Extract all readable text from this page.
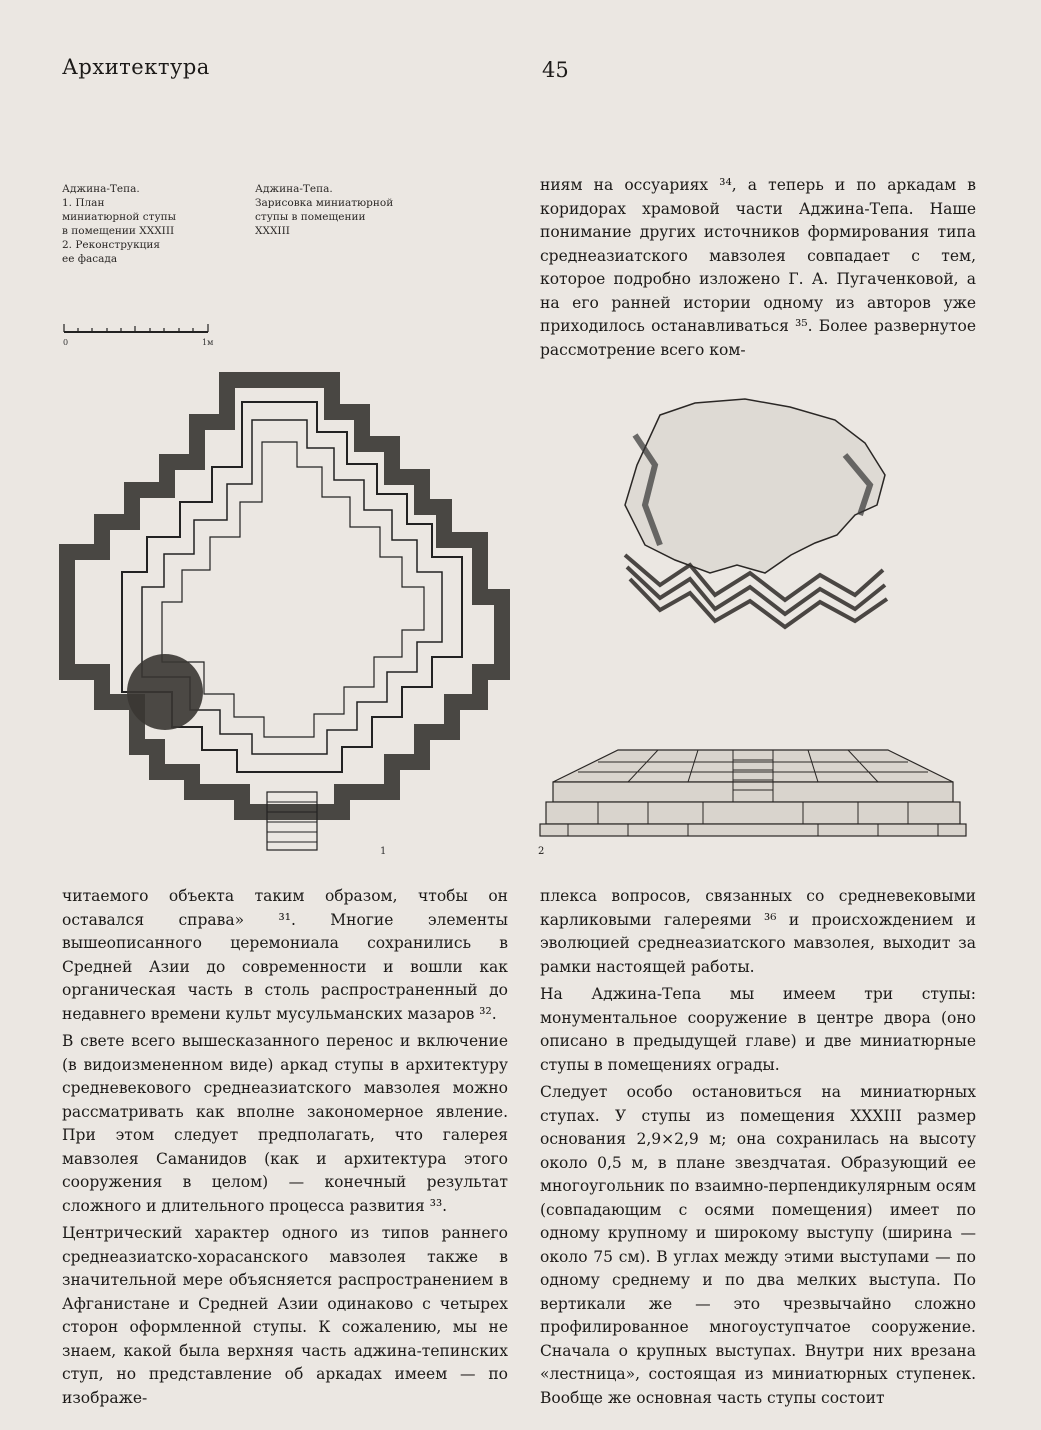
Архитектура	45
Аджина-Тепа.
1. План
миниатюрной ступы
в помещении XXXIII
2. Реконструкция
ее фасада
Аджина-Тепа.
Зарисовка миниатюрной
ступы в помещении
XXXIII
0	1м
1	2

ниям на оссуариях ³⁴, а теперь и по аркадам в коридорах храмовой части Аджина-Тепа. Наше понимание других источников формирования типа среднеазиатского мавзолея совпадает с тем, которое подробно изложено Г. А. Пугаченковой, а на его ранней истории одному из авторов уже приходилось останавливаться ³⁵. Более развернутое рассмотрение всего ком-

читаемого объекта таким образом, чтобы он оставался справа» ³¹. Многие элементы вышеописанного церемониала сохранились в Средней Азии до современности и вошли как органическая часть в столь распространенный до недавнего времени культ мусульманских мазаров ³².

В свете всего вышесказанного перенос и включение (в видоизмененном виде) аркад ступы в архитектуру средневекового среднеазиатского мавзолея можно рассматривать как вполне закономерное явление. При этом следует предполагать, что галерея мавзолея Саманидов (как и архитектура этого сооружения в целом) — конечный результат сложного и длительного процесса развития ³³.

Центрический характер одного из типов раннего среднеазиатско-хорасанского мавзолея также в значительной мере объясняется распространением в Афганистане и Средней Азии одинаково с четырех сторон оформленной ступы. К сожалению, мы не знаем, какой была верхняя часть аджина-тепинских ступ, но представление об аркадах имеем — по изображе-

плекса вопросов, связанных со средневековыми карликовыми галереями ³⁶ и происхождением и эволюцией среднеазиатского мавзолея, выходит за рамки настоящей работы.

На Аджина-Тепа мы имеем три ступы: монументальное сооружение в центре двора (оно описано в предыдущей главе) и две миниатюрные ступы в помещениях ограды.

Следует особо остановиться на миниатюрных ступах. У ступы из помещения XXXIII размер основания 2,9×2,9 м; она сохранилась на высоту около 0,5 м, в плане звездчатая. Образующий ее многоугольник по взаимно-перпендикулярным осям (совпадающим с осями помещения) имеет по одному крупному и широкому выступу (ширина — около 75 см). В углах между этими выступами — по одному среднему и по два мелких выступа. По вертикали же — это чрезвычайно сложно профилированное многоуступчатое сооружение. Сначала о крупных выступах. Внутри них врезана «лестница», состоящая из миниатюрных ступенек. Вообще же основная часть ступы состоит
